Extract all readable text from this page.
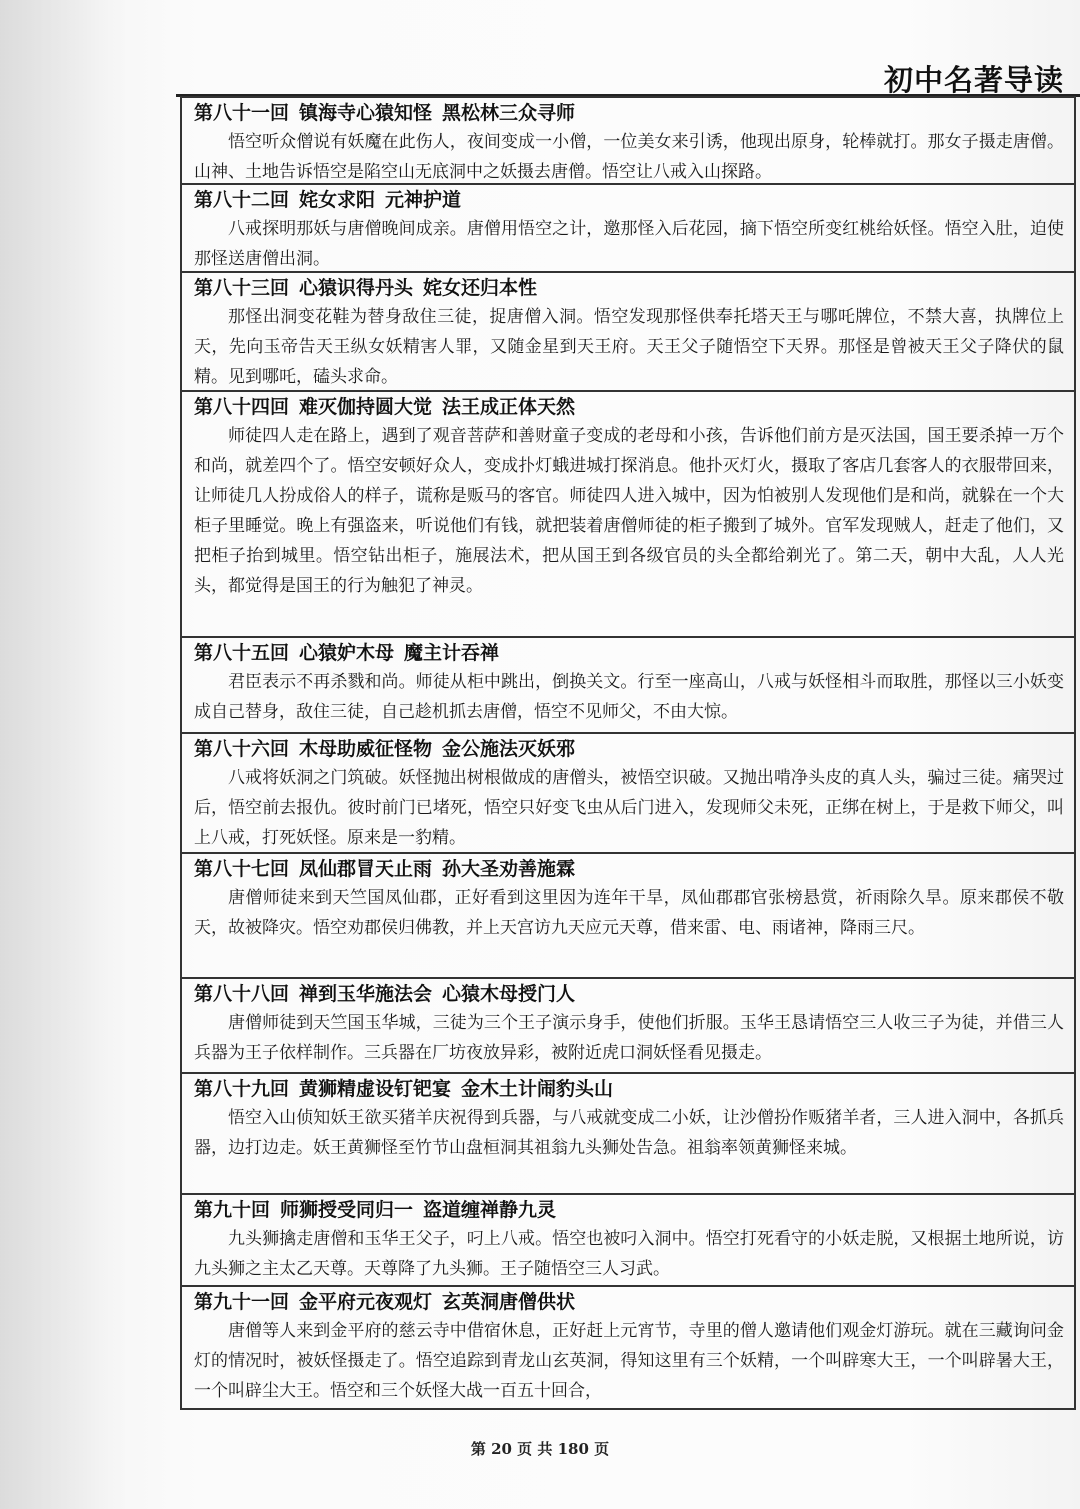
初中名著导读
第八十一回 镇海寺心猿知怪 黑松林三众寻师
悟空听众僧说有妖魔在此伤人，夜间变成一小僧，一位美女来引诱，他现出原身，轮棒就打。那女子摄走唐僧。山神、土地告诉悟空是陷空山无底洞中之妖摄去唐僧。悟空让八戒入山探路。
第八十二回 姹女求阳 元神护道
八戒探明那妖与唐僧晚间成亲。唐僧用悟空之计，邀那怪入后花园，摘下悟空所变红桃给妖怪。悟空入肚，迫使那怪送唐僧出洞。
第八十三回 心猿识得丹头 姹女还归本性
那怪出洞变花鞋为替身敌住三徒，捉唐僧入洞。悟空发现那怪供奉托塔天王与哪吒牌位，不禁大喜，执牌位上天，先向玉帝告天王纵女妖精害人罪，又随金星到天王府。天王父子随悟空下天界。那怪是曾被天王父子降伏的鼠精。见到哪吒，磕头求命。
第八十四回 难灭伽持圆大觉 法王成正体天然
师徒四人走在路上，遇到了观音菩萨和善财童子变成的老母和小孩，告诉他们前方是灭法国，国王要杀掉一万个和尚，就差四个了。悟空安顿好众人，变成扑灯蛾进城打探消息。他扑灭灯火，摄取了客店几套客人的衣服带回来，让师徒几人扮成俗人的样子，谎称是贩马的客官。师徒四人进入城中，因为怕被别人发现他们是和尚，就躲在一个大柜子里睡觉。晚上有强盗来，听说他们有钱，就把装着唐僧师徒的柜子搬到了城外。官军发现贼人，赶走了他们，又把柜子抬到城里。悟空钻出柜子，施展法术，把从国王到各级官员的头全都给剃光了。第二天，朝中大乱，人人光头，都觉得是国王的行为触犯了神灵。
第八十五回 心猿妒木母 魔主计吞禅
君臣表示不再杀戮和尚。师徒从柜中跳出，倒换关文。行至一座高山，八戒与妖怪相斗而取胜，那怪以三小妖变成自己替身，敌住三徒，自己趁机抓去唐僧，悟空不见师父，不由大惊。
第八十六回 木母助威征怪物 金公施法灭妖邪
八戒将妖洞之门筑破。妖怪抛出树根做成的唐僧头，被悟空识破。又抛出啃净头皮的真人头，骗过三徒。痛哭过后，悟空前去报仇。彼时前门已堵死，悟空只好变飞虫从后门进入，发现师父未死，正绑在树上，于是救下师父，叫上八戒，打死妖怪。原来是一豹精。
第八十七回 凤仙郡冒天止雨 孙大圣劝善施霖
唐僧师徒来到天竺国凤仙郡，正好看到这里因为连年干旱，凤仙郡郡官张榜悬赏，祈雨除久旱。原来郡侯不敬天，故被降灾。悟空劝郡侯归佛教，并上天宫访九天应元天尊，借来雷、电、雨诸神，降雨三尺。
第八十八回 禅到玉华施法会 心猿木母授门人
唐僧师徒到天竺国玉华城，三徒为三个王子演示身手，使他们折服。玉华王恳请悟空三人收三子为徒，并借三人兵器为王子依样制作。三兵器在厂坊夜放异彩，被附近虎口洞妖怪看见摄走。
第八十九回 黄狮精虚设钉钯宴 金木土计闹豹头山
悟空入山侦知妖王欲买猪羊庆祝得到兵器，与八戒就变成二小妖，让沙僧扮作贩猪羊者，三人进入洞中，各抓兵器，边打边走。妖王黄狮怪至竹节山盘桓洞其祖翁九头狮处告急。祖翁率领黄狮怪来城。
第九十回 师狮授受同归一 盗道缠禅静九灵
九头狮擒走唐僧和玉华王父子，叼上八戒。悟空也被叼入洞中。悟空打死看守的小妖走脱，又根据土地所说，访九头狮之主太乙天尊。天尊降了九头狮。王子随悟空三人习武。
第九十一回 金平府元夜观灯 玄英洞唐僧供状
唐僧等人来到金平府的慈云寺中借宿休息，正好赶上元宵节，寺里的僧人邀请他们观金灯游玩。就在三藏询问金灯的情况时，被妖怪摄走了。悟空追踪到青龙山玄英洞，得知这里有三个妖精，一个叫辟寒大王，一个叫辟暑大王，一个叫辟尘大王。悟空和三个妖怪大战一百五十回合，
第 20 页 共 180 页
